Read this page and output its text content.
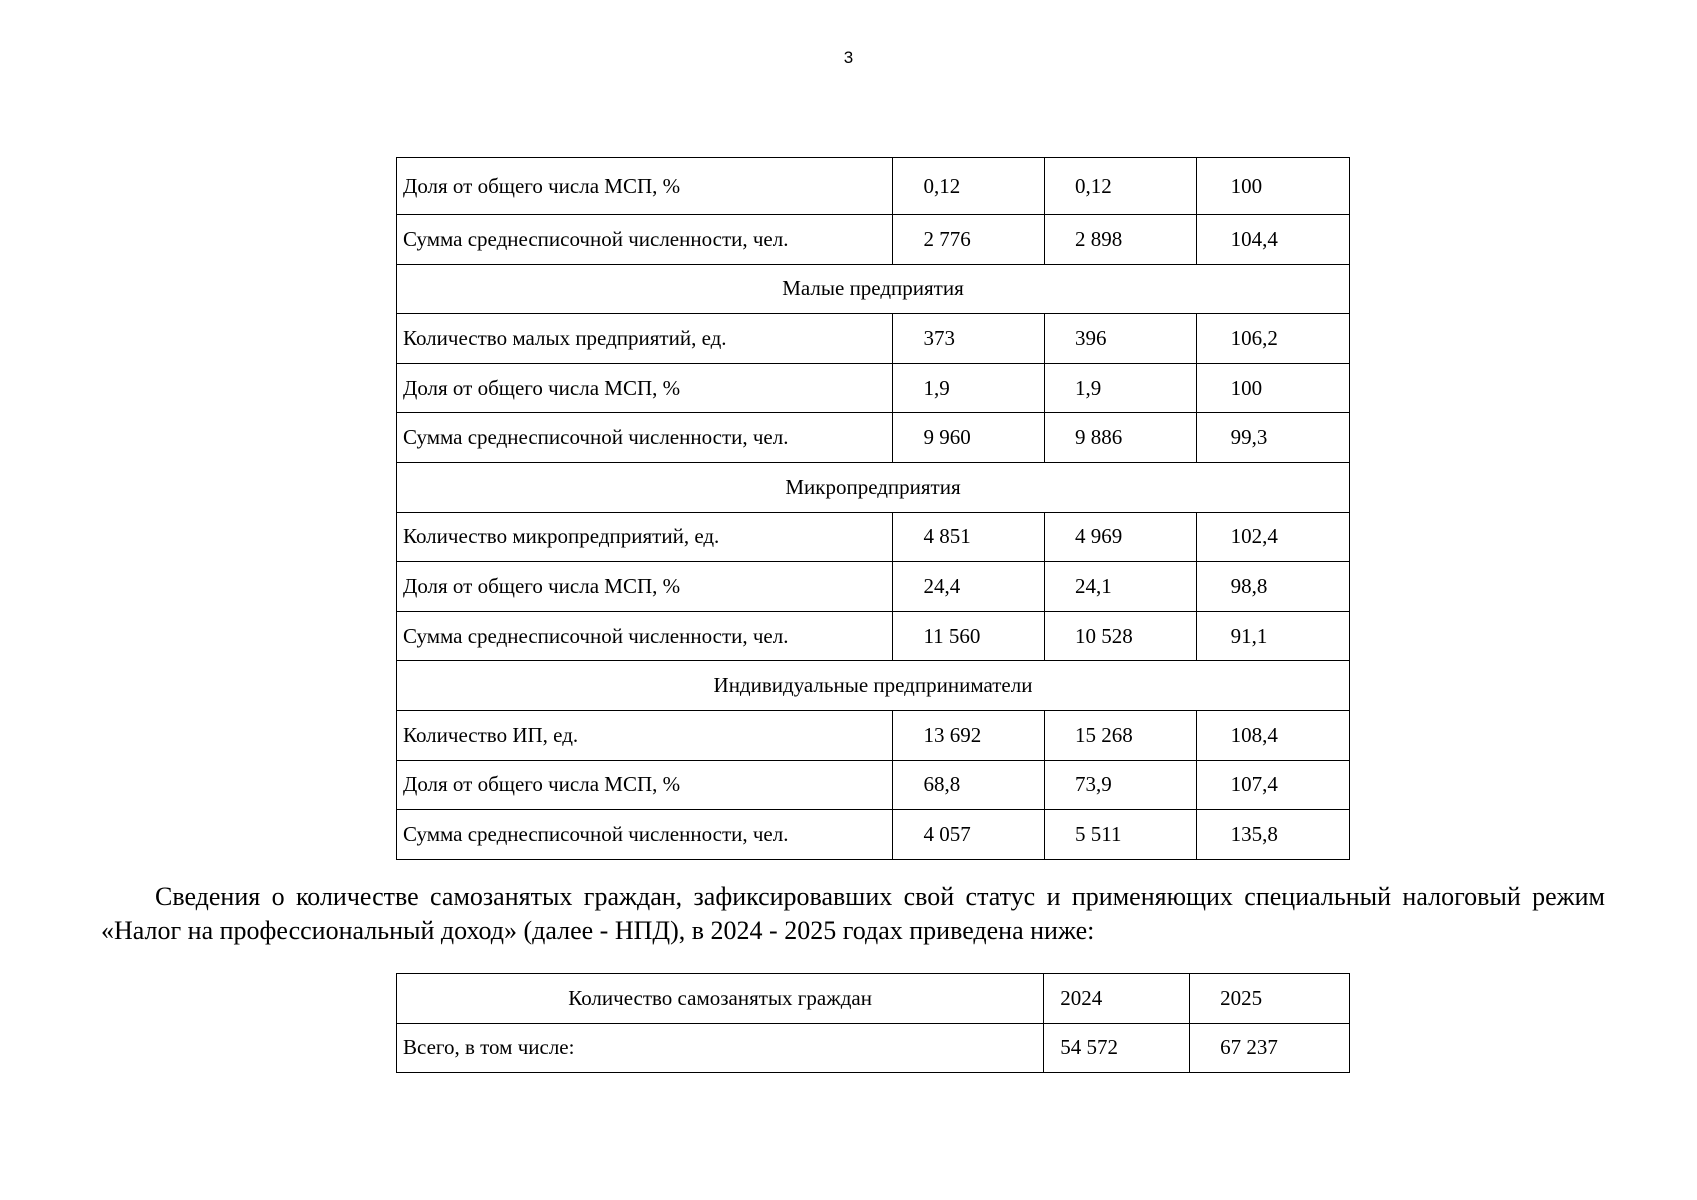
3
Доля от общего числа МСП, %	0,12	0,12	100
Сумма среднесписочной численности, чел.	2 776	2 898	104,4
Малые предприятия			
Количество малых предприятий, ед.	373	396	106,2
Доля от общего числа МСП, %	1,9	1,9	100
Сумма среднесписочной численности, чел.	9 960	9 886	99,3
Микропредприятия			
Количество микропредприятий, ед.	4 851	4 969	102,4
Доля от общего числа МСП, %	24,4	24,1	98,8
Сумма среднесписочной численности, чел.	11 560	10 528	91,1
Индивидуальные предприниматели			
Количество ИП, ед.	13 692	15 268	108,4
Доля от общего числа МСП, %	68,8	73,9	107,4
Сумма среднесписочной численности, чел.	4 057	5 511	135,8

Сведения о количестве самозанятых граждан, зафиксировавших свой статус и применяющих специальный налоговый режим «Налог на профессиональный доход» (далее - НПД), в 2024 - 2025 годах приведена ниже:

Количество самозанятых граждан	2024	2025
Всего, в том числе:	54 572	67 237
